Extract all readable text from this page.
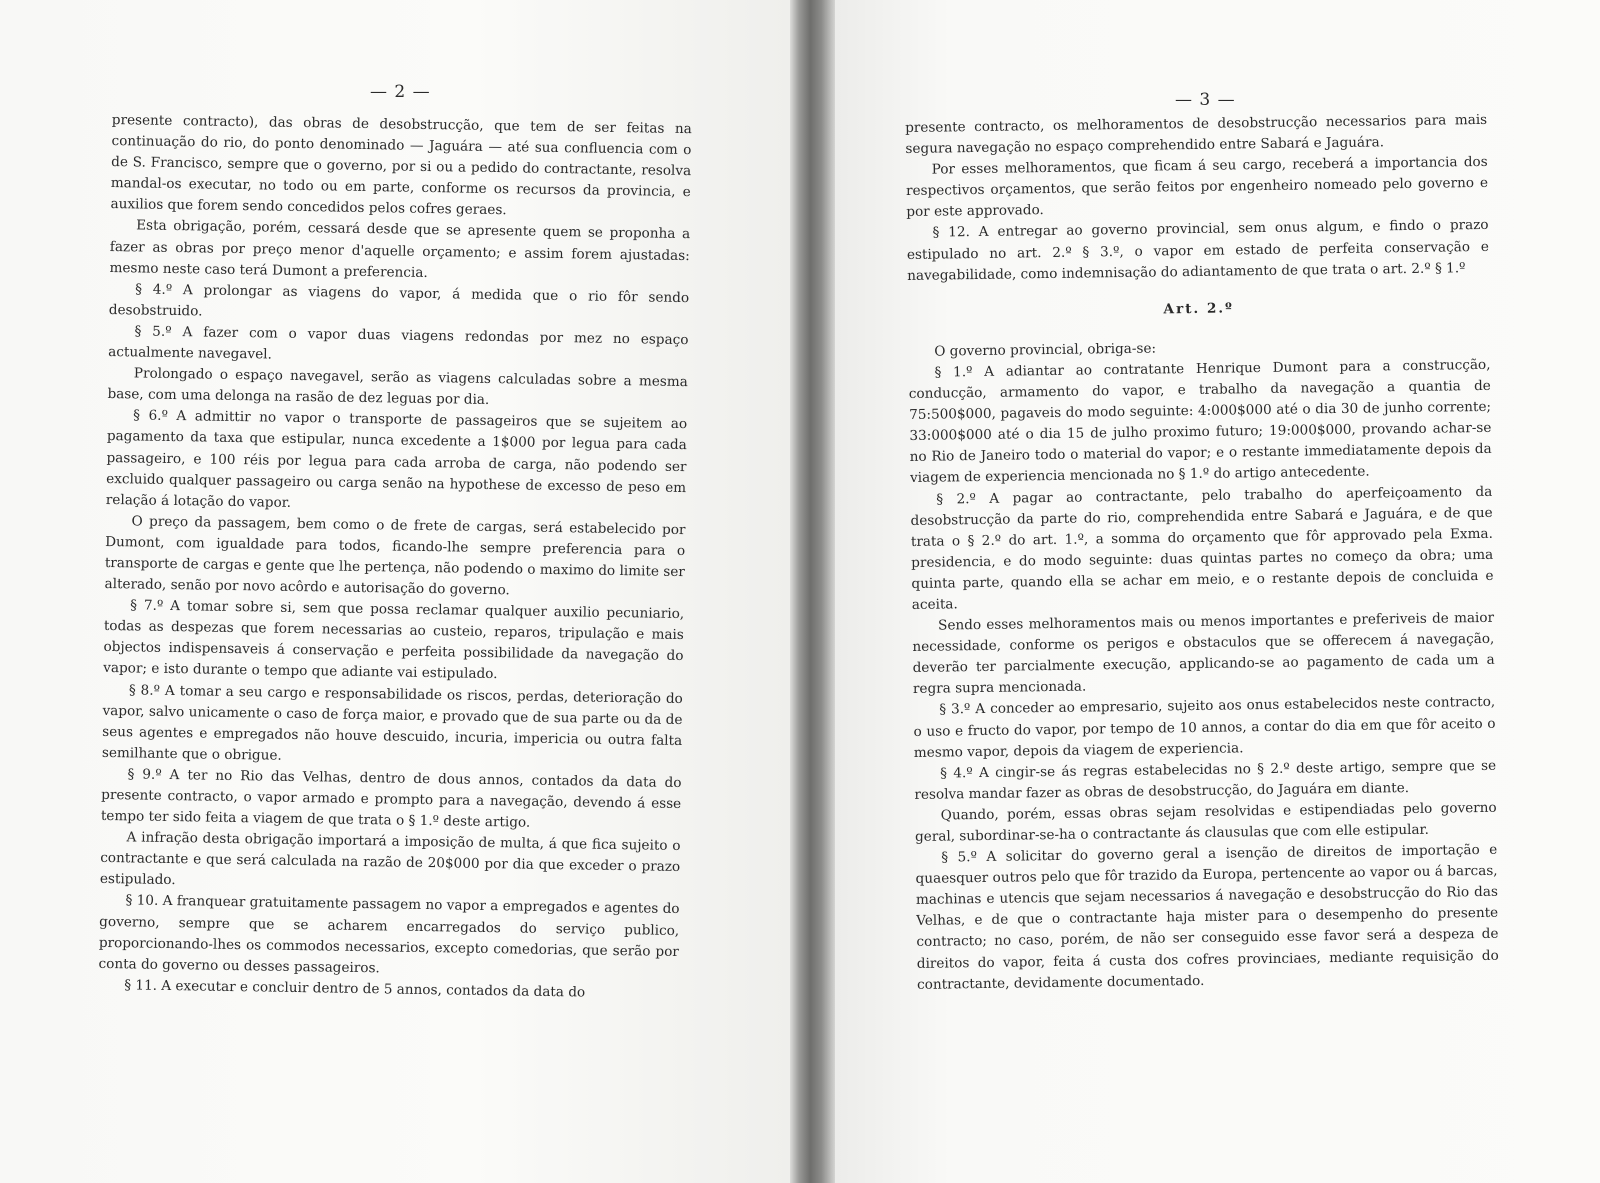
— 2 —

presente contracto), das obras de desobstrucção, que tem de ser feitas na continuação do rio, do ponto denominado — Jaguára — até sua confluencia com o de S. Francisco, sempre que o governo, por si ou a pedido do contractante, resolva mandal-os executar, no todo ou em parte, conforme os recursos da provincia, e auxilios que forem sendo concedidos pelos cofres geraes.

Esta obrigação, porém, cessará desde que se apresente quem se proponha a fazer as obras por preço menor d'aquelle orçamento; e assim forem ajustadas: mesmo neste caso terá Dumont a preferencia.

§ 4.º A prolongar as viagens do vapor, á medida que o rio fôr sendo desobstruido.

§ 5.º A fazer com o vapor duas viagens redondas por mez no espaço actualmente navegavel.

Prolongado o espaço navegavel, serão as viagens calculadas sobre a mesma base, com uma delonga na rasão de dez leguas por dia.

§ 6.º A admittir no vapor o transporte de passageiros que se sujeitem ao pagamento da taxa que estipular, nunca excedente a 1$000 por legua para cada passageiro, e 100 réis por legua para cada arroba de carga, não podendo ser excluido qualquer passageiro ou carga senão na hypothese de excesso de peso em relação á lotação do vapor.

O preço da passagem, bem como o de frete de cargas, será estabelecido por Dumont, com igualdade para todos, ficando-lhe sempre preferencia para o transporte de cargas e gente que lhe pertença, não podendo o maximo do limite ser alterado, senão por novo acôrdo e autorisação do governo.

§ 7.º A tomar sobre si, sem que possa reclamar qualquer auxilio pecuniario, todas as despezas que forem necessarias ao custeio, reparos, tripulação e mais objectos indispensaveis á conservação e perfeita possibilidade da navegação do vapor; e isto durante o tempo que adiante vai estipulado.

§ 8.º A tomar a seu cargo e responsabilidade os riscos, perdas, deterioração do vapor, salvo unicamente o caso de força maior, e provado que de sua parte ou da de seus agentes e empregados não houve descuido, incuria, impericia ou outra falta semilhante que o obrigue.

§ 9.º A ter no Rio das Velhas, dentro de dous annos, contados da data do presente contracto, o vapor armado e prompto para a navegação, devendo á esse tempo ter sido feita a viagem de que trata o § 1.º deste artigo.

A infração desta obrigação importará a imposição de multa, á que fica sujeito o contractante e que será calculada na razão de 20$000 por dia que exceder o prazo estipulado.

§ 10. A franquear gratuitamente passagem no vapor a empregados e agentes do governo, sempre que se acharem encarregados do serviço publico, proporcionando-lhes os commodos necessarios, excepto comedorias, que serão por conta do governo ou desses passageiros.

§ 11. A executar e concluir dentro de 5 annos, contados da data do

— 3 —

presente contracto, os melhoramentos de desobstrucção necessarios para mais segura navegação no espaço comprehendido entre Sabará e Jaguára.

Por esses melhoramentos, que ficam á seu cargo, receberá a importancia dos respectivos orçamentos, que serão feitos por engenheiro nomeado pelo governo e por este approvado.

§ 12. A entregar ao governo provincial, sem onus algum, e findo o prazo estipulado no art. 2.º § 3.º, o vapor em estado de perfeita conservação e navegabilidade, como indemnisação do adiantamento de que trata o art. 2.º § 1.º

Art. 2.º

O governo provincial, obriga-se:

§ 1.º A adiantar ao contratante Henrique Dumont para a construcção, conducção, armamento do vapor, e trabalho da navegação a quantia de 75:500$000, pagaveis do modo seguinte: 4:000$000 até o dia 30 de junho corrente; 33:000$000 até o dia 15 de julho proximo futuro; 19:000$000, provando achar-se no Rio de Janeiro todo o material do vapor; e o restante immediatamente depois da viagem de experiencia mencionada no § 1.º do artigo antecedente.

§ 2.º A pagar ao contractante, pelo trabalho do aperfeiçoamento da desobstrucção da parte do rio, comprehendida entre Sabará e Jaguára, e de que trata o § 2.º do art. 1.º, a somma do orçamento que fôr approvado pela Exma. presidencia, e do modo seguinte: duas quintas partes no começo da obra; uma quinta parte, quando ella se achar em meio, e o restante depois de concluida e aceita.

Sendo esses melhoramentos mais ou menos importantes e preferiveis de maior necessidade, conforme os perigos e obstaculos que se offerecem á navegação, deverão ter parcialmente execução, applicando-se ao pagamento de cada um a regra supra mencionada.

§ 3.º A conceder ao empresario, sujeito aos onus estabelecidos neste contracto, o uso e fructo do vapor, por tempo de 10 annos, a contar do dia em que fôr aceito o mesmo vapor, depois da viagem de experiencia.

§ 4.º A cingir-se ás regras estabelecidas no § 2.º deste artigo, sempre que se resolva mandar fazer as obras de desobstrucção, do Jaguára em diante.

Quando, porém, essas obras sejam resolvidas e estipendiadas pelo governo geral, subordinar-se-ha o contractante ás clausulas que com elle estipular.

§ 5.º A solicitar do governo geral a isenção de direitos de importação e quaesquer outros pelo que fôr trazido da Europa, pertencente ao vapor ou á barcas, machinas e utencis que sejam necessarios á navegação e desobstrucção do Rio das Velhas, e de que o contractante haja mister para o desempenho do presente contracto; no caso, porém, de não ser conseguido esse favor será a despeza de direitos do vapor, feita á custa dos cofres provinciaes, mediante requisição do contractante, devidamente documentado.
